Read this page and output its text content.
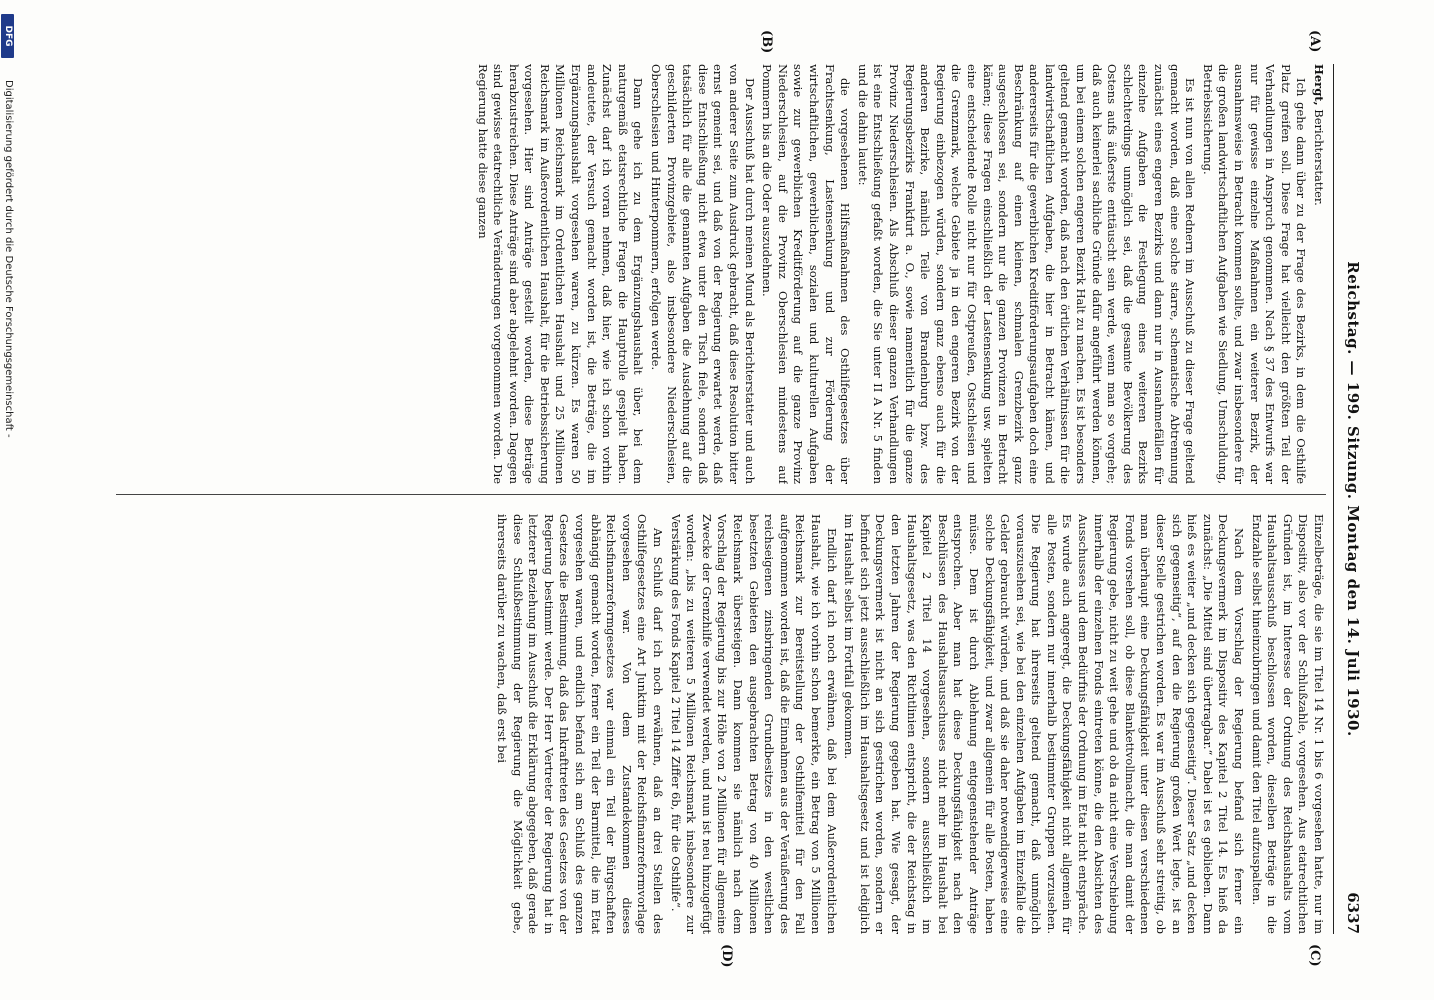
Reichstag. — 199. Sitzung. Montag den 14. Juli 1930.
6337
(A)
(B)
(C)
(D)

Hergt, Berichterstatter.

Ich gehe dann über zu der Frage des Bezirks, in dem die Osthilfe Platz greifen soll. Diese Frage hat vielleicht den größten Teil der Verhandlungen in Anspruch genommen. Nach § 37 des Entwurfs war nur für gewisse einzelne Maßnahmen ein weiterer Bezirk, der ausnahmsweise in Betracht kommen sollte, und zwar insbesondere für die großen landwirtschaftlichen Aufgaben wie Siedlung, Umschuldung, Betriebssicherung.

Es ist nun von allen Rednern im Ausschuß zu dieser Frage geltend gemacht worden, daß eine solche starre, schematische Abtrennung zunächst eines engeren Bezirks und dann nur in Ausnahmefällen für einzelne Aufgaben die Festlegung eines weiteren Bezirks schlechterdings unmöglich sei, daß die gesamte Bevölkerung des Ostens aufs äußerste enttäuscht sein werde, wenn man so vorgehe; daß auch keinerlei sachliche Gründe dafür angeführt werden können, um bei einem solchen engeren Bezirk Halt zu machen. Es ist besonders geltend gemacht worden, daß nach den örtlichen Verhältnissen für die landwirtschaftlichen Aufgaben, die hier in Betracht kämen, und andererseits für die gewerblichen Kreditförderungsaufgaben doch eine Beschränkung auf einen kleinen, schmalen Grenzbezirk ganz ausgeschlossen sei, sondern nur die ganzen Provinzen in Betracht kämen; diese Fragen einschließlich der Lastensenkung usw. spielten eine entscheidende Rolle nicht nur für Ostpreußen, Ostschlesien und die Grenzmark, welche Gebiete ja in den engeren Bezirk von der Regierung einbezogen würden, sondern ganz ebenso auch für die anderen Bezirke, nämlich Teile von Brandenburg bzw. des Regierungsbezirks Frankfurt a. O., sowie namentlich für die ganze Provinz Niederschlesien. Als Abschluß dieser ganzen Verhandlungen ist eine Entschließung gefaßt worden, die Sie unter II A Nr. 5 finden und die dahin lautet:

die vorgesehenen Hilfsmaßnahmen des Osthilfegesetzes über Frachtsenkung, Lastensenkung und zur Förderung der wirtschaftlichen, gewerblichen, sozialen und kulturellen Aufgaben sowie zur gewerblichen Kreditförderung auf die ganze Provinz Niederschlesien, auf die Provinz Oberschlesien mindestens auf Pommern bis an die Oder auszudehnen.

Der Ausschuß hat durch meinen Mund als Berichterstatter und auch von anderer Seite zum Ausdruck gebracht, daß diese Resolution bitter ernst gemeint sei, und daß von der Regierung erwartet werde, daß diese Entschließung nicht etwa unter den Tisch fiele, sondern daß tatsächlich für alle die genannten Aufgaben die Ausdehnung auf die geschilderten Provinzgebiete, also insbesondere Niederschlesien, Oberschlesien und Hinterpommern, erfolgen werde.

Dann gehe ich zu dem Ergänzungshaushalt über, bei dem naturgemäß etatsrechtliche Fragen die Hauptrolle gespielt haben. Zunächst darf ich voran nehmen, daß hier, wie ich schon vorhin andeutete, der Versuch gemacht worden ist, die Beträge, die im Ergänzungshaushalt vorgesehen waren, zu kürzen. Es waren 50 Millionen Reichsmark im Ordentlichen Haushalt und 25 Millionen Reichsmark im Außerordentlichen Haushalt, für die Betriebssicherung vorgesehen. Hier sind Anträge gestellt worden, diese Beträge herabzustreichen. Diese Anträge sind aber abgelehnt worden. Dagegen sind gewisse etatrechtliche Veränderungen vorgenommen worden. Die Regierung hatte diese ganzen

Einzelbeträge, die sie im Titel 14 Nr. 1 bis 6 vorgesehen hatte, nur im Dispositiv, also vor der Schlußzahle, vorgesehen. Aus etatrechtlichen Gründen ist, im Interesse der Ordnung des Reichshaushalts vom Haushaltsausschuß beschlossen worden, dieselben Beträge in die Endzahle selbst hineinzubringen und damit den Titel aufzuspalten.

Nach dem Vorschlag der Regierung befand sich ferner ein Deckungsvermerk im Dispositiv des Kapitel 2 Titel 14. Es hieß da zunächst: „Die Mittel sind übertragbar.“ Dabei ist es geblieben. Dann hieß es weiter „und decken sich gegenseitig“. Dieser Satz „und decken sich gegenseitig“, auf den die Regierung großen Wert legte, ist an dieser Stelle gestrichen worden. Es war im Ausschuß sehr streitig, ob man überhaupt eine Deckungsfähigkeit unter diesen verschiedenen Fonds vorsehen soll, ob diese Blankettvollmacht, die man damit der Regierung gebe, nicht zu weit gehe und ob da nicht eine Verschiebung innerhalb der einzelnen Fonds eintreten könne, die den Absichten des Ausschusses und dem Bedürfnis der Ordnung im Etat nicht entspräche. Es wurde auch angeregt, die Deckungsfähigkeit nicht allgemein für alle Posten, sondern nur innerhalb bestimmter Gruppen vorzusehen. Die Regierung hat ihrerseits geltend gemacht, daß unmöglich vorauszusehen sei, wie bei den einzelnen Aufgaben im Einzelfalle die Gelder gebraucht würden, und daß sie daher notwendigerweise eine solche Deckungsfähigkeit, und zwar allgemein für alle Posten, haben müsse. Dem ist durch Ablehnung entgegenstehender Anträge entsprochen. Aber man hat diese Deckungsfähigkeit nach den Beschlüssen des Haushaltsausschusses nicht mehr im Haushalt bei Kapitel 2 Titel 14 vorgesehen, sondern ausschließlich im Haushaltsgesetz, was den Richtlinien entspricht, die der Reichstag in den letzten Jahren der Regierung gegeben hat. Wie gesagt, der Deckungsvermerk ist nicht an sich gestrichen worden, sondern er befindet sich jetzt ausschließlich im Haushaltsgesetz und ist lediglich im Haushalt selbst im Fortfall gekommen.

Endlich darf ich noch erwähnen, daß bei dem Außerordentlichen Haushalt, wie ich vorhin schon bemerkte, ein Betrag von 5 Millionen Reichsmark zur Bereitstellung der Osthilfemittel für den Fall aufgenommen worden ist, daß die Einnahmen aus der Veräußerung des reichseigenen zinsbringenden Grundbesitzes in den westlichen besetzten Gebieten den ausgebrachten Betrag von 40 Millionen Reichsmark übersteigen. Dann kommen sie nämlich nach dem Vorschlag der Regierung bis zur Höhe von 2 Millionen für allgemeine Zwecke der Grenzhilfe verwendet werden, und nun ist neu hinzugefügt worden: „bis zu weiteren 5 Millionen Reichsmark insbesondere zur Verstärkung des Fonds Kapitel 2 Titel 14 Ziffer 6b, für die Osthilfe“.

Am Schluß darf ich noch erwähnen, daß an drei Stellen des Osthilfegesetzes eine Art Junktim mit der Reichsfinanzreformvorlage vorgesehen war. Von dem Zustandekommen dieses Reichsfinanzreformgesetzes war einmal ein Teil der Bürgschaften abhängig gemacht worden, ferner ein Teil der Barmittel, die im Etat vorgesehen waren, und endlich befand sich am Schluß des ganzen Gesetzes die Bestimmung, daß das Inkrafttreten des Gesetzes von der Regierung bestimmt werde. Der Herr Vertreter der Regierung hat in letzterer Beziehung im Ausschuß die Erklärung abgegeben, daß gerade diese Schlußbestimmung der Regierung die Möglichkeit gebe, ihrerseits darüber zu wachen, daß erst bei

DFG
Digitalisierung gefördert durch die Deutsche Forschungsgemeinschaft -
